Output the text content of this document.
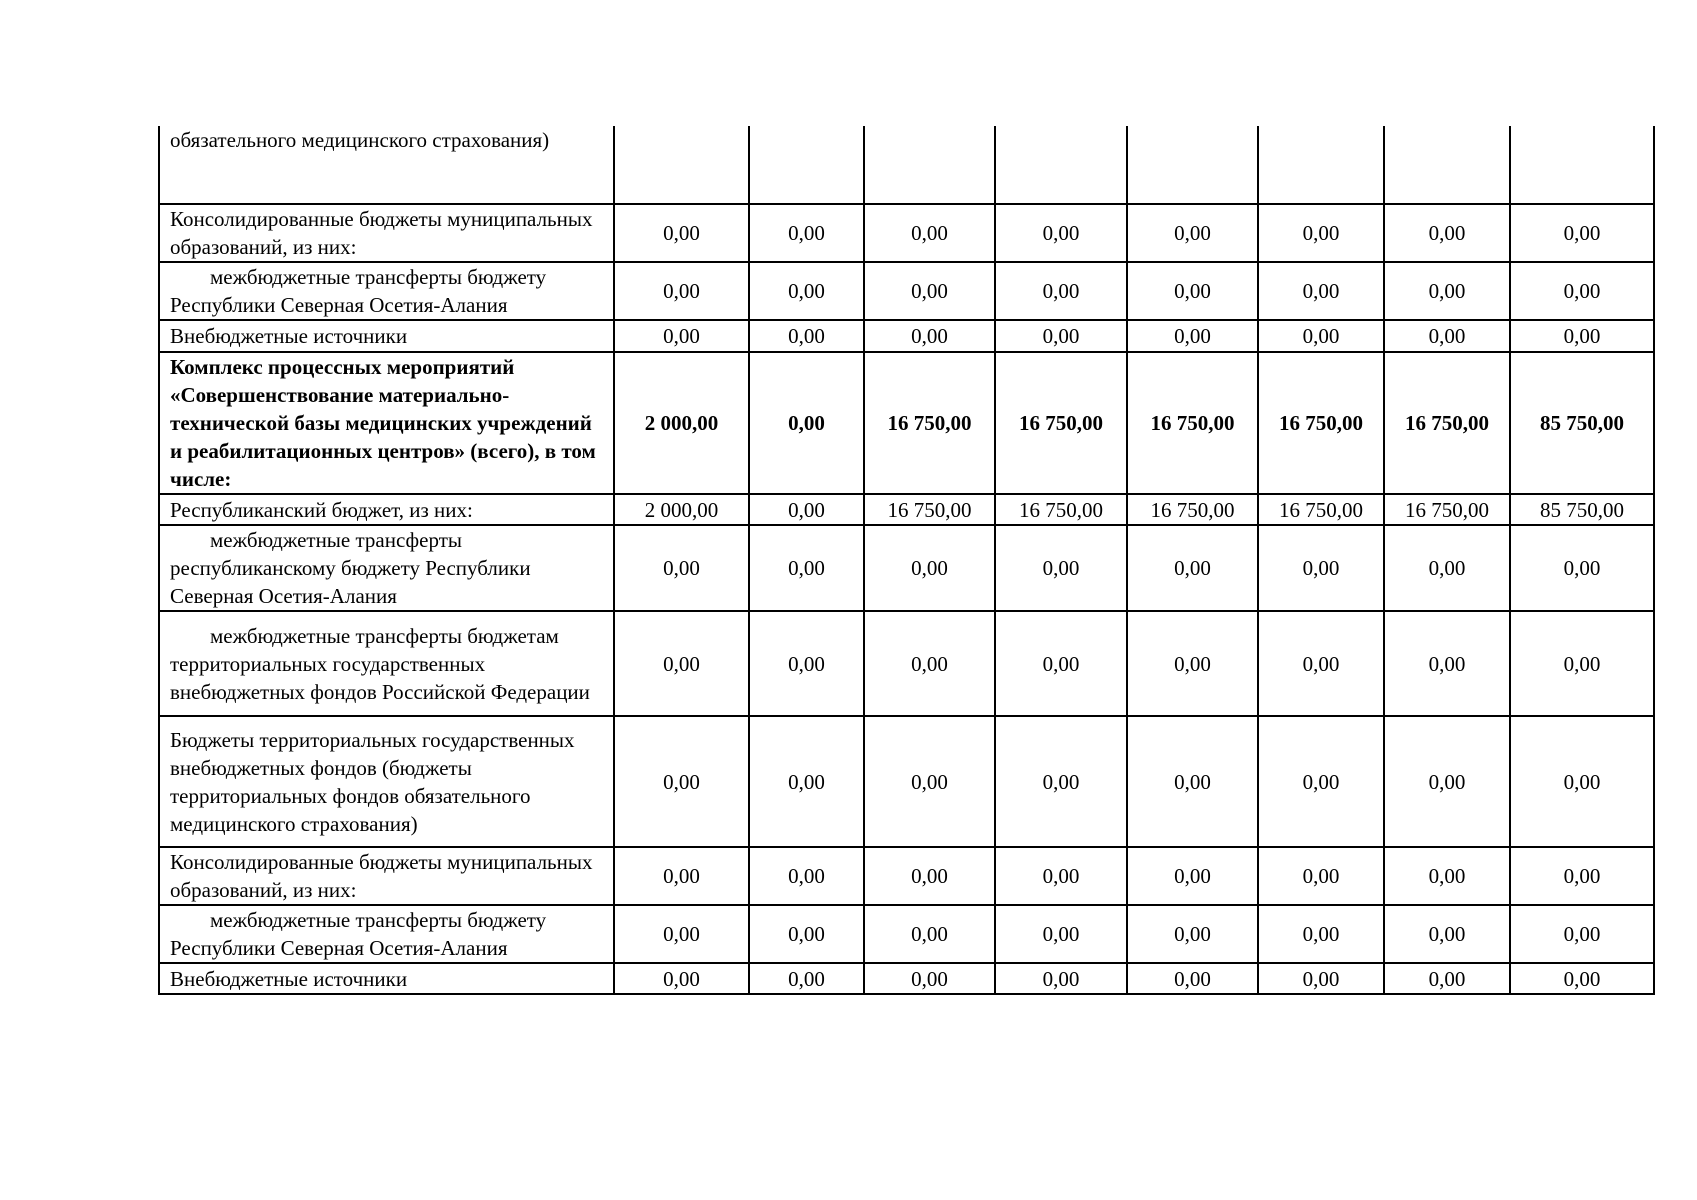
обязательного медицинского страхования)								
Консолидированные бюджеты муниципальных образований, из них:	0,00	0,00	0,00	0,00	0,00	0,00	0,00	0,00
межбюджетные трансферты бюджету Республики Северная Осетия-Алания	0,00	0,00	0,00	0,00	0,00	0,00	0,00	0,00
Внебюджетные источники	0,00	0,00	0,00	0,00	0,00	0,00	0,00	0,00
Комплекс процессных мероприятий «Совершенствование материально-технической базы медицинских учреждений и реабилитационных центров» (всего), в том числе:	2 000,00	0,00	16 750,00	16 750,00	16 750,00	16 750,00	16 750,00	85 750,00
Республиканский бюджет, из них:	2 000,00	0,00	16 750,00	16 750,00	16 750,00	16 750,00	16 750,00	85 750,00
межбюджетные трансферты республиканскому бюджету Республики Северная Осетия-Алания	0,00	0,00	0,00	0,00	0,00	0,00	0,00	0,00
межбюджетные трансферты бюджетам территориальных государственных внебюджетных фондов Российской Федерации	0,00	0,00	0,00	0,00	0,00	0,00	0,00	0,00
Бюджеты территориальных государственных внебюджетных фондов (бюджеты территориальных фондов обязательного медицинского страхования)	0,00	0,00	0,00	0,00	0,00	0,00	0,00	0,00
Консолидированные бюджеты муниципальных образований, из них:	0,00	0,00	0,00	0,00	0,00	0,00	0,00	0,00
межбюджетные трансферты бюджету Республики Северная Осетия-Алания	0,00	0,00	0,00	0,00	0,00	0,00	0,00	0,00
Внебюджетные источники	0,00	0,00	0,00	0,00	0,00	0,00	0,00	0,00
